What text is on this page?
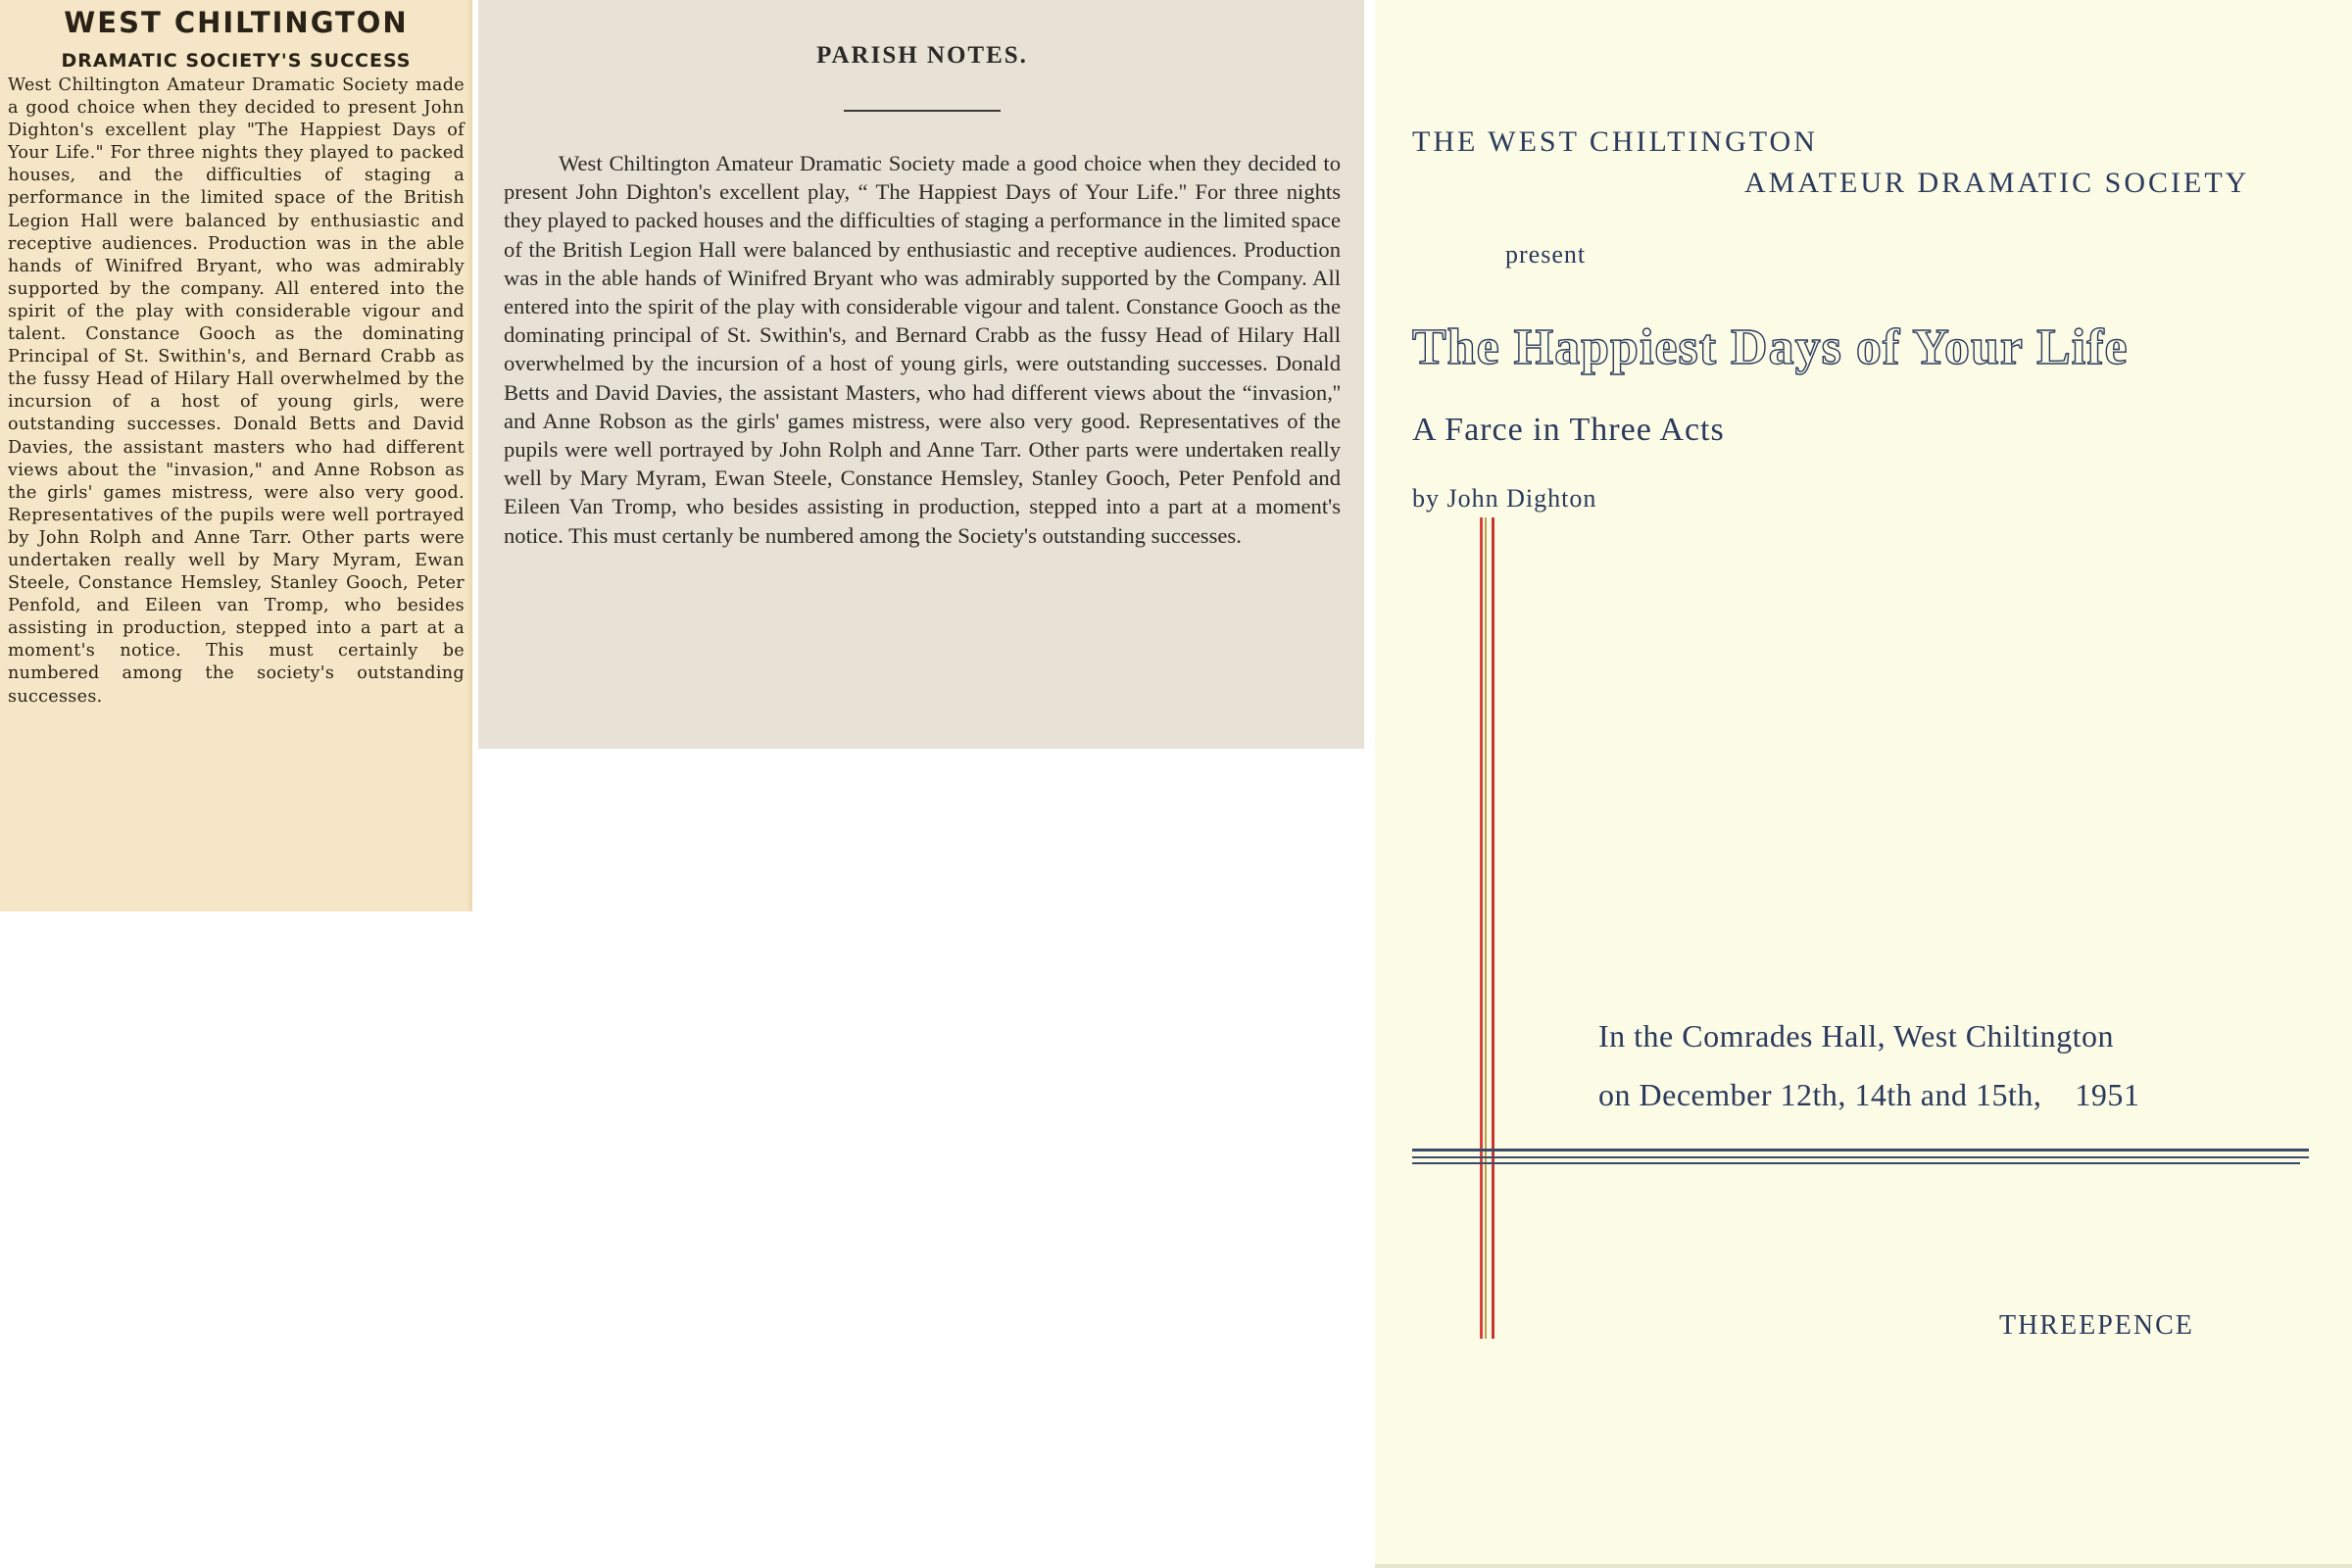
WEST CHILTINGTON
DRAMATIC SOCIETY'S SUCCESS
West Chiltington Amateur Dramatic Society made a good choice when they decided to present John Dighton's excellent play "The Happiest Days of Your Life." For three nights they played to packed houses, and the difficulties of staging a performance in the limited space of the British Legion Hall were balanced by enthusiastic and receptive audiences. Production was in the able hands of Winifred Bryant, who was admirably supported by the company. All entered into the spirit of the play with considerable vigour and talent. Constance Gooch as the dominating Principal of St. Swithin's, and Bernard Crabb as the fussy Head of Hilary Hall overwhelmed by the incursion of a host of young girls, were outstanding successes. Donald Betts and David Davies, the assistant masters who had different views about the "invasion," and Anne Robson as the girls' games mistress, were also very good. Representatives of the pupils were well portrayed by John Rolph and Anne Tarr. Other parts were undertaken really well by Mary Myram, Ewan Steele, Constance Hemsley, Stanley Gooch, Peter Penfold, and Eileen van Tromp, who besides assisting in production, stepped into a part at a moment's notice. This must certainly be numbered among the society's outstanding successes.
PARISH NOTES.

West Chiltington Amateur Dramatic Society made a good choice when they decided to present John Dighton's excellent play, “ The Happiest Days of Your Life.'' For three nights they played to packed houses and the difficulties of staging a performance in the limited space of the British Legion Hall were balanced by enthusiastic and receptive audiences. Production was in the able hands of Winifred Bryant who was admirably supported by the Company. All entered into the spirit of the play with considerable vigour and talent. Constance Gooch as the dominating principal of St. Swithin's, and Bernard Crabb as the fussy Head of Hilary Hall overwhelmed by the incursion of a host of young girls, were outstanding successes. Donald Betts and David Davies, the assistant Masters, who had different views about the “invasion,'' and Anne Robson as the girls' games mistress, were also very good. Representatives of the pupils were well portrayed by John Rolph and Anne Tarr. Other parts were undertaken really well by Mary Myram, Ewan Steele, Constance Hemsley, Stanley Gooch, Peter Penfold and Eileen Van Tromp, who besides assisting in production, stepped into a part at a moment's notice. This must certanly be numbered among the Society's outstanding successes.

THE WEST CHILTINGTON
AMATEUR DRAMATIC SOCIETY
present
The Happiest Days of Your Life
A Farce in Three Acts
by John Dighton
In the Comrades Hall, West Chiltington
on December 12th, 14th and 15th, 1951
THREEPENCE
